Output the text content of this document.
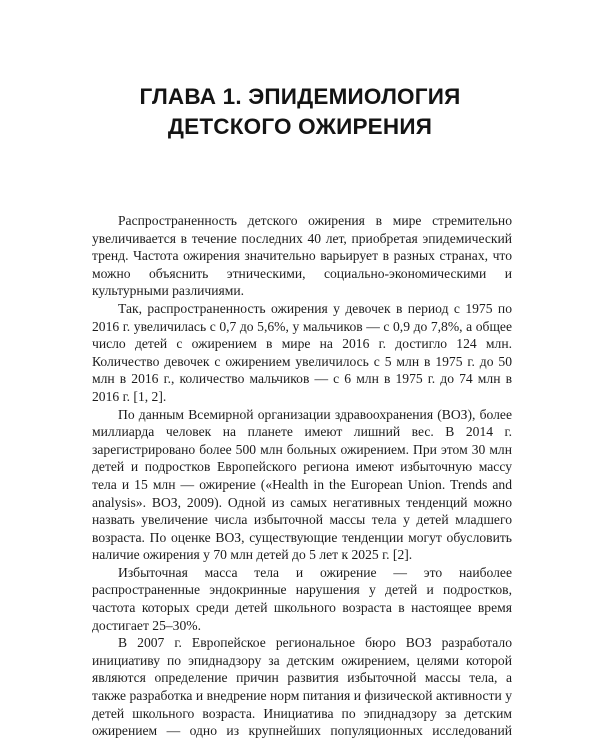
ГЛАВА 1. ЭПИДЕМИОЛОГИЯ
ДЕТСКОГО ОЖИРЕНИЯ

Распространенность детского ожирения в мире стремительно увеличивается в течение последних 40 лет, приобретая эпидемический тренд. Частота ожирения значительно варьирует в разных странах, что можно объяснить этническими, социально-экономическими и культурными различиями.

Так, распространенность ожирения у девочек в период с 1975 по 2016 г. увеличилась с 0,7 до 5,6%, у мальчиков — с 0,9 до 7,8%, а общее число детей с ожирением в мире на 2016 г. достигло 124 млн. Количество девочек с ожирением увеличилось с 5 млн в 1975 г. до 50 млн в 2016 г., количество мальчиков — с 6 млн в 1975 г. до 74 млн в 2016 г. [1, 2].

По данным Всемирной организации здравоохранения (ВОЗ), более миллиарда человек на планете имеют лишний вес. В 2014 г. зарегистрировано более 500 млн больных ожирением. При этом 30 млн детей и подростков Европейского региона имеют избыточную массу тела и 15 млн — ожирение («Health in the European Union. Trends and analysis». ВОЗ, 2009). Одной из самых негативных тенденций можно назвать увеличение числа избыточной массы тела у детей младшего возраста. По оценке ВОЗ, существующие тенденции могут обусловить наличие ожирения у 70 млн детей до 5 лет к 2025 г. [2].

Избыточная масса тела и ожирение — это наиболее распространенные эндокринные нарушения у детей и подростков, частота которых среди детей школьного возраста в настоящее время достигает 25–30%.

В 2007 г. Европейское региональное бюро ВОЗ разработало инициативу по эпиднадзору за детским ожирением, целями которой являются определение причин развития избыточной массы тела, а также разработка и внедрение норм питания и физической активности у детей школьного возраста. Инициатива по эпиднадзору за детским ожирением — одно из крупнейших популяционных исследований
